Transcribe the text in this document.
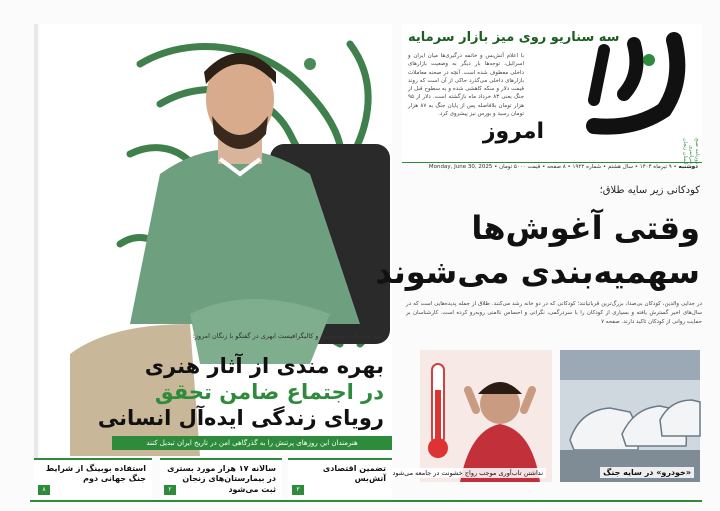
رحیم دودانگه خوشنویس و کالیگرافیست ابهری در گفتگو با زنگان امروز:
بهره مندی از آثار هنری
در اجتماع ضامن تحقق
رویای زندگی ایده‌آل انسانی
هنرمندان این روزهای پرتنش را به گذرگاهی امن در تاریخ ایران تبدیل کنند
امروز
سه سناریو روی میز بازار سرمایه
با اعلام آتش‌بس و خاتمه درگیری‌ها میان ایران و اسرائیل، توجه‌ها بار دیگر به وضعیت بازارهای داخلی معطوف شده است. آنچه در صحنه معاملات بازارهای داخلی می‌گذرد حاکی از آن است که روند قیمت دلار و سکه کاهشی شده و به سطوح قبل از جنگ یعنی ۸۳ خرداد ماه بازگشته است. دلار از ۹۵ هزار تومان بلافاصله پس از پایان جنگ به ۸۷ هزار تومان رسید و بورس نیز پیشروی کرد.
روزنامه صبح سراسری استان زنجان
دوشنبه • ۹ تیرماه ۱۴۰۴ • سال هشتم • شماره ۱۹۲۲ • ۸ صفحه • قیمت ۵۰۰۰ تومان • Monday, June 30, 2025
کودکانی زیر سایه طلاق؛
وقتی آغوش‌ها
سهمیه‌بندی می‌شوند
در جدایی والدین، کودکان بی‌صدا، بزرگ‌ترین قربانیانند؛ کودکانی که در دو خانه رشد می‌کنند. طلاق از جمله پدیده‌هایی است که در سال‌های اخیر گسترش یافته و بسیاری از کودکان را با سردرگمی، نگرانی و احساس ناامنی روبه‌رو کرده است. کارشناسان بر حمایت روانی از کودکان تاکید دارند. صفحه ۷
نداشتن تاب‌آوری موجب رواج خشونت در جامعه می‌شود	«خودرو» در سایه جنگ
استفاده بوبینگ از شرایط جنگ جهانی دوم
۸
سالانه ۱۷ هزار مورد بستری در بیمارستان‌های زنجان ثبت می‌شود
۲
تضمین اقتصادی آتش‌بس
۳
